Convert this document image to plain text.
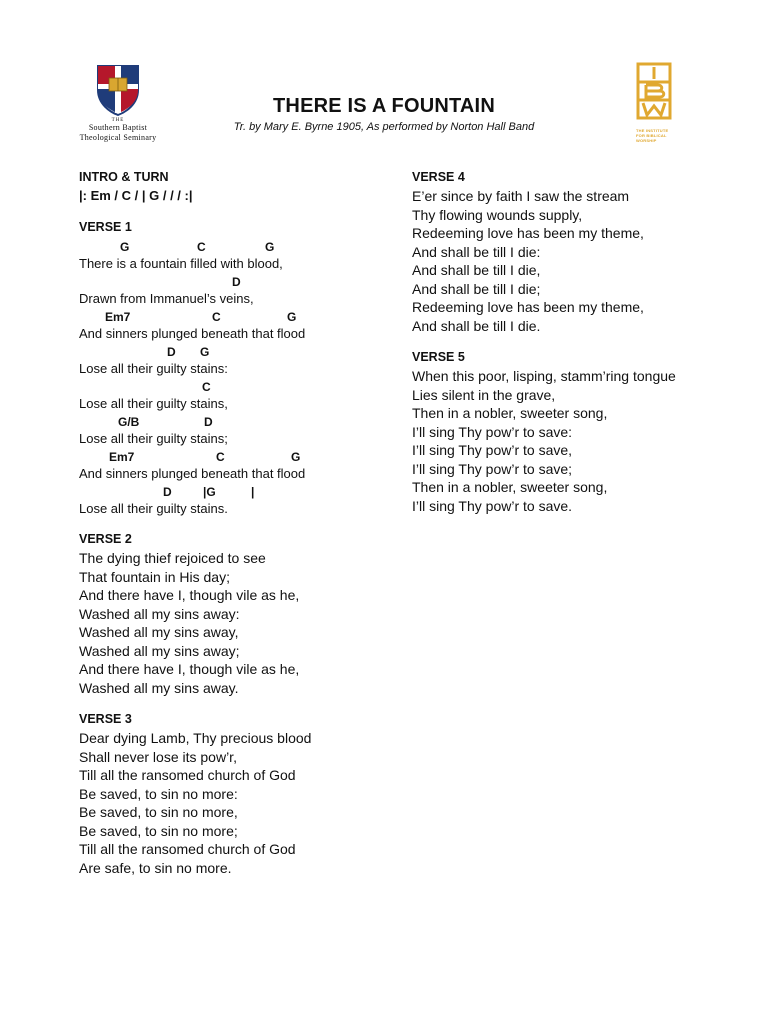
THE
Southern Baptist
Theological Seminary
THE INSTITUTE
FOR BIBLICAL
WORSHIP
THERE IS A FOUNTAIN
Tr. by Mary E. Byrne 1905, As performed by Norton Hall Band
INTRO & TURN
|: Em / C / | G / / / :|
VERSE 1
G	C	G
There is a fountain filled with blood,
D
Drawn from Immanuel’s veins,
Em7	C	G
And sinners plunged beneath that flood
D G
Lose all their guilty stains:
C
Lose all their guilty stains,
G/B	D
Lose all their guilty stains;
Em7	C	G
And sinners plunged beneath that flood
D	|G	|
Lose all their guilty stains.
VERSE 2
The dying thief rejoiced to see
That fountain in His day;
And there have I, though vile as he,
Washed all my sins away:
Washed all my sins away,
Washed all my sins away;
And there have I, though vile as he,
Washed all my sins away.
VERSE 3
Dear dying Lamb, Thy precious blood
Shall never lose its pow’r,
Till all the ransomed church of God
Be saved, to sin no more:
Be saved, to sin no more,
Be saved, to sin no more;
Till all the ransomed church of God
Are safe, to sin no more.
VERSE 4
E’er since by faith I saw the stream
Thy flowing wounds supply,
Redeeming love has been my theme,
And shall be till I die:
And shall be till I die,
And shall be till I die;
Redeeming love has been my theme,
And shall be till I die.
VERSE 5
When this poor, lisping, stamm’ring tongue
Lies silent in the grave,
Then in a nobler, sweeter song,
I’ll sing Thy pow’r to save:
I’ll sing Thy pow’r to save,
I’ll sing Thy pow’r to save;
Then in a nobler, sweeter song,
I’ll sing Thy pow’r to save.
